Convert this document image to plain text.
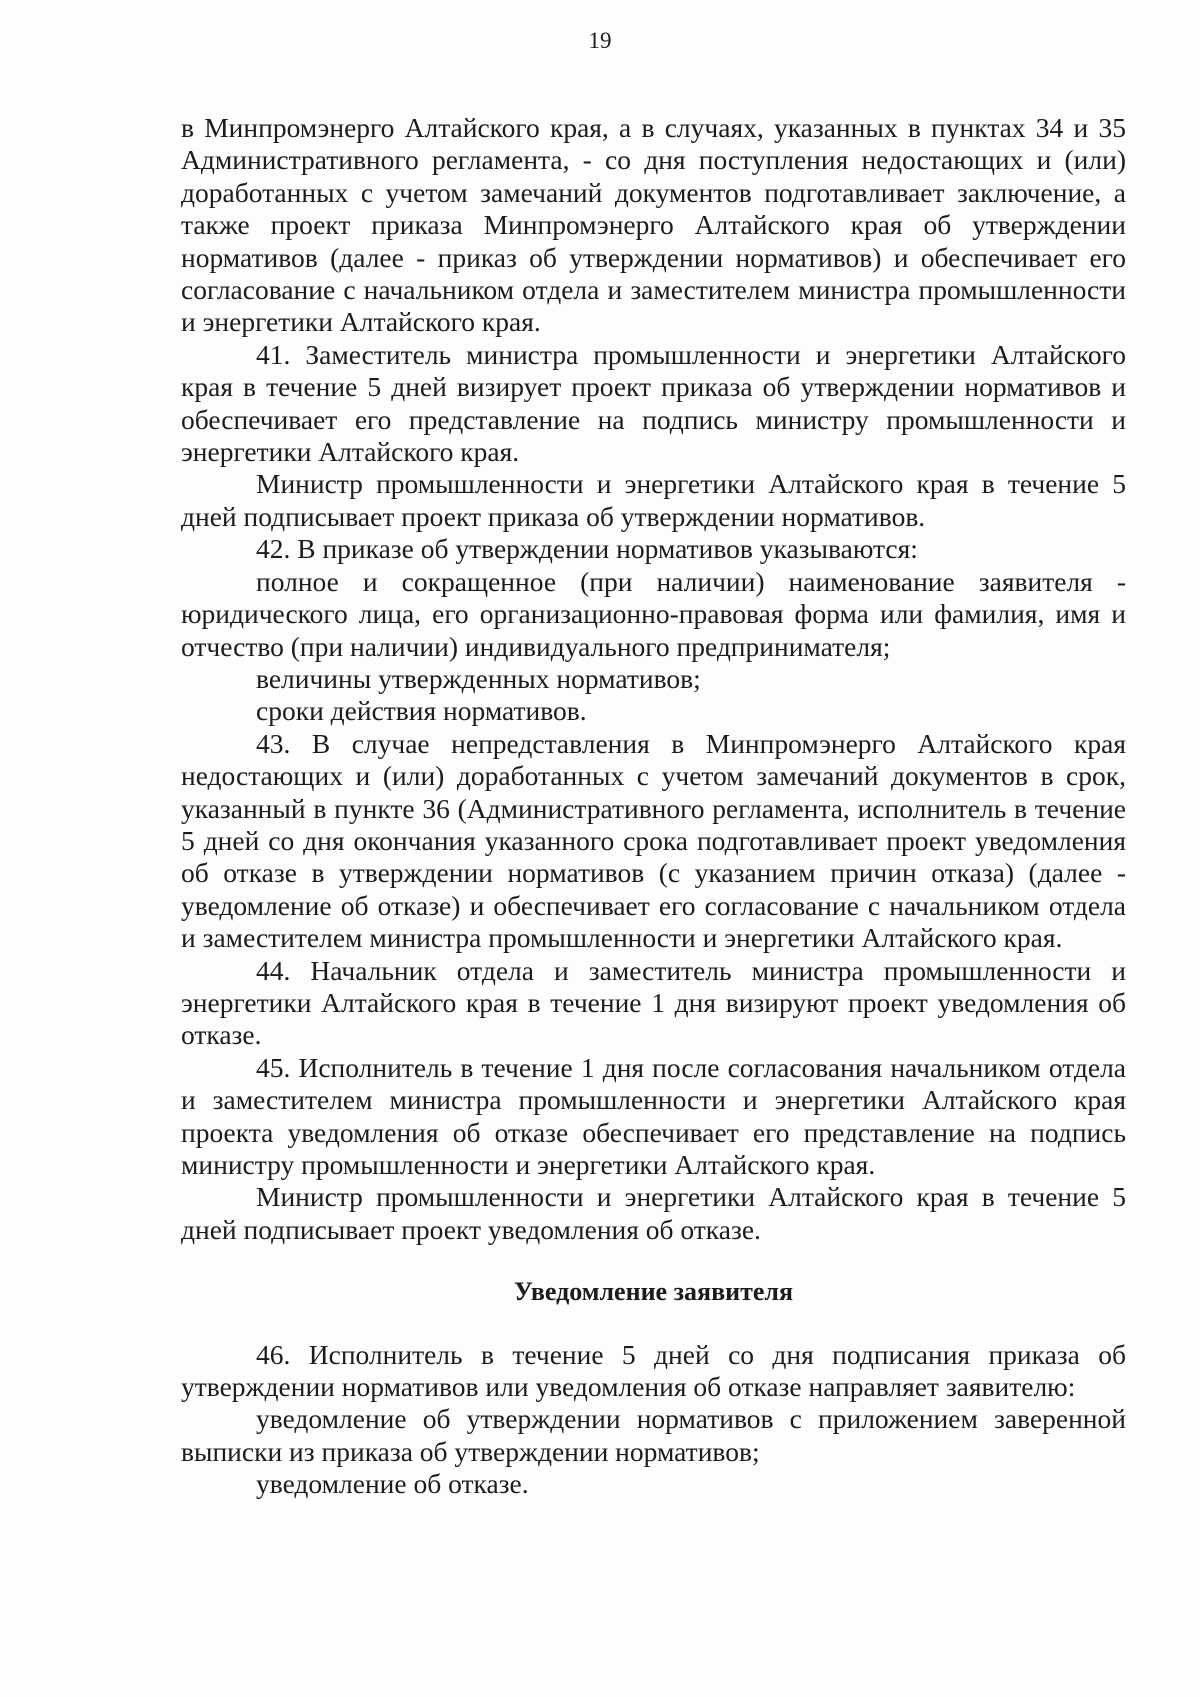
19

в Минпромэнерго Алтайского края, а в случаях, указанных в пунктах 34 и 35 Административного регламента, - со дня поступления недостающих и (или) доработанных с учетом замечаний документов подготавливает заключение, а также проект приказа Минпромэнерго Алтайского края об утверждении нормативов (далее - приказ об утверждении нормативов) и обеспечивает его согласование с начальником отдела и заместителем министра промышленности и энергетики Алтайского края.

41. Заместитель министра промышленности и энергетики Алтайского края в течение 5 дней визирует проект приказа об утверждении нормативов и обеспечивает его представление на подпись министру промышленности и энергетики Алтайского края.

Министр промышленности и энергетики Алтайского края в течение 5 дней подписывает проект приказа об утверждении нормативов.

42. В приказе об утверждении нормативов указываются:

полное и сокращенное (при наличии) наименование заявителя - юридического лица, его организационно-правовая форма или фамилия, имя и отчество (при наличии) индивидуального предпринимателя;

величины утвержденных нормативов;

сроки действия нормативов.

43. В случае непредставления в Минпромэнерго Алтайского края недостающих и (или) доработанных с учетом замечаний документов в срок, указанный в пункте 36 (Административного регламента, исполнитель в течение 5 дней со дня окончания указанного срока подготавливает проект уведомления об отказе в утверждении нормативов (с указанием причин отказа) (далее - уведомление об отказе) и обеспечивает его согласование с начальником отдела и заместителем министра промышленности и энергетики Алтайского края.

44. Начальник отдела и заместитель министра промышленности и энергетики Алтайского края в течение 1 дня визируют проект уведомления об отказе.

45. Исполнитель в течение 1 дня после согласования начальником отдела и заместителем министра промышленности и энергетики Алтайского края проекта уведомления об отказе обеспечивает его представление на подпись министру промышленности и энергетики Алтайского края.

Министр промышленности и энергетики Алтайского края в течение 5 дней подписывает проект уведомления об отказе.

Уведомление заявителя

46. Исполнитель в течение 5 дней со дня подписания приказа об утверждении нормативов или уведомления об отказе направляет заявителю:

уведомление об утверждении нормативов с приложением заверенной выписки из приказа об утверждении нормативов;

уведомление об отказе.
